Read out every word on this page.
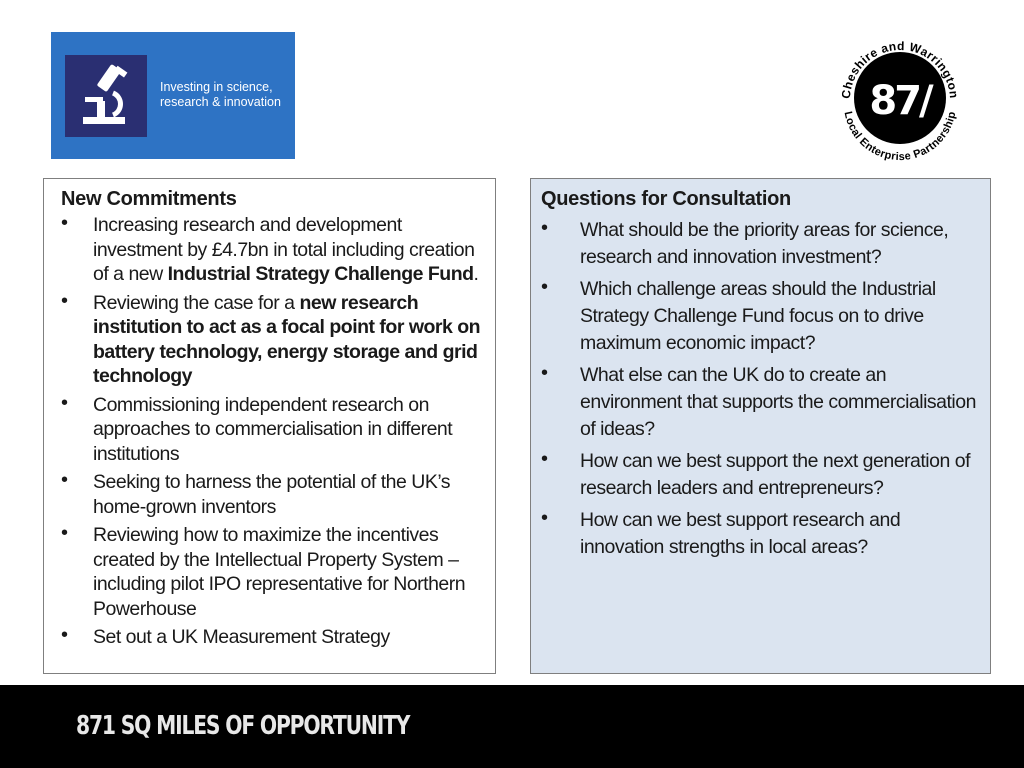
Investing in science,
research & innovation	87/
Cheshire and Warrington
Local Enterprise Partnership
New Commitments
• Increasing research and development investment by £4.7bn in total including creation of a new Industrial Strategy Challenge Fund.
• Reviewing the case for a new research institution to act as a focal point for work on battery technology, energy storage and grid technology
• Commissioning independent research on approaches to commercialisation in different institutions
• Seeking to harness the potential of the UK’s home-grown inventors
• Reviewing how to maximize the incentives created by the Intellectual Property System – including pilot IPO representative for Northern Powerhouse
• Set out a UK Measurement Strategy
Questions for Consultation
• What should be the priority areas for science, research and innovation investment?
• Which challenge areas should the Industrial Strategy Challenge Fund focus on to drive maximum economic impact?
• What else can the UK do to create an environment that supports the commercialisation of ideas?
• How can we best support the next generation of research leaders and entrepreneurs?
• How can we best support research and innovation strengths in local areas?
871 SQ MILES OF OPPORTUNITY
